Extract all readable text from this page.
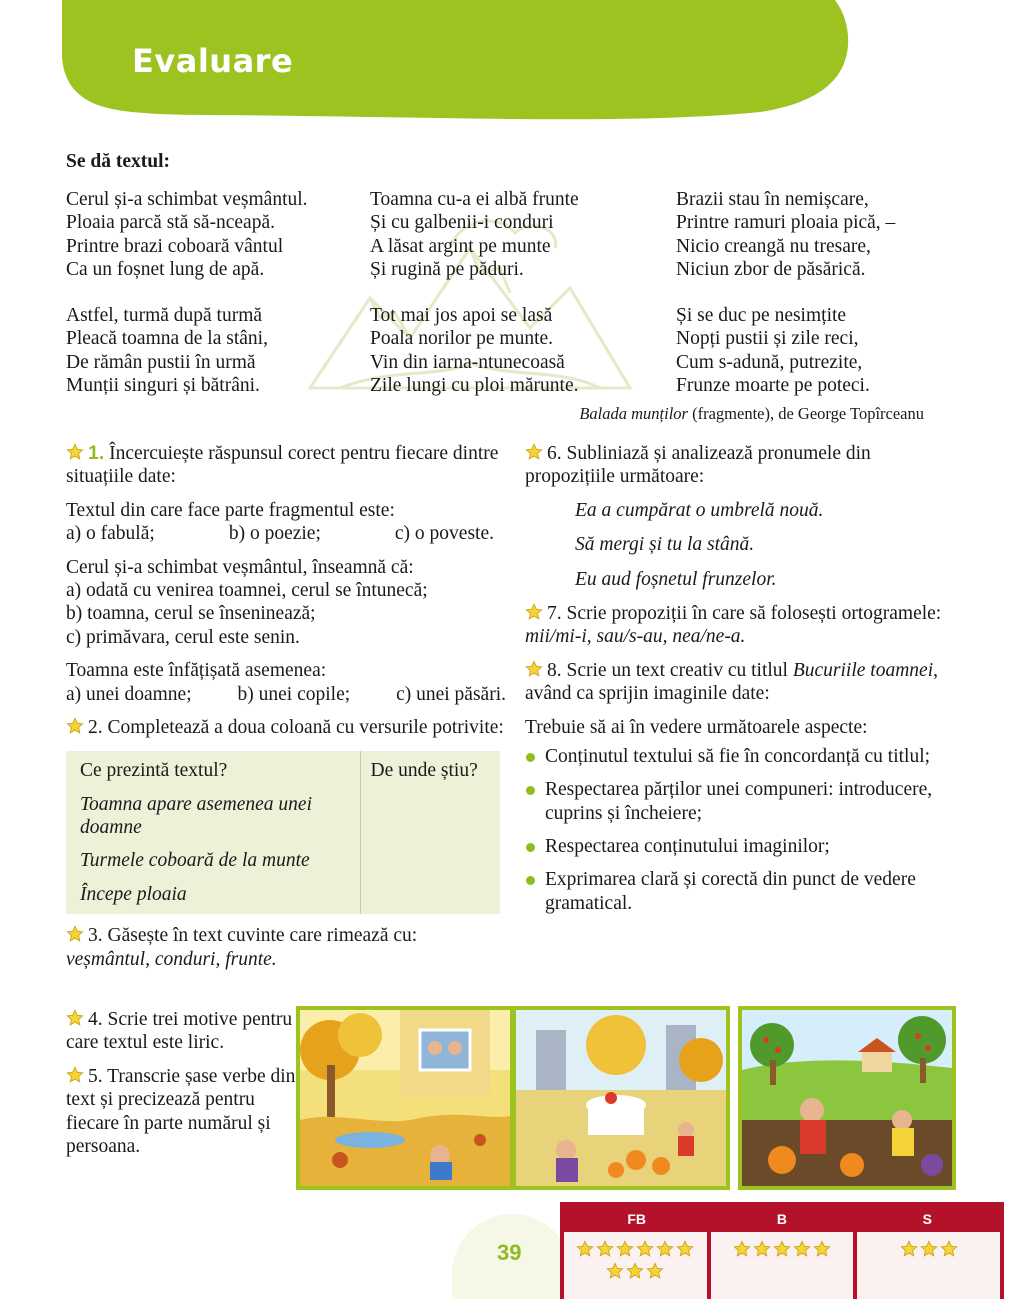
Evaluare
Se dă textul:
Cerul și-a schimbat veșmântul.
Ploaia parcă stă să-nceapă.
Printre brazi coboară vântul
Ca un foșnet lung de apă.
Toamna cu-a ei albă frunte
Și cu galbenii-i conduri
A lăsat argint pe munte
Și rugină pe păduri.
Brazii stau în nemișcare,
Printre ramuri ploaia pică, –
Nicio creangă nu tresare,
Niciun zbor de păsărică.
Astfel, turmă după turmă
Pleacă toamna de la stâni,
De rămân pustii în urmă
Munții singuri și bătrâni.
Tot mai jos apoi se lasă
Poala norilor pe munte.
Vin din iarna-ntunecoasă
Zile lungi cu ploi mărunte.
Și se duc pe nesimțite
Nopți pustii și zile reci,
Cum s-adună, putrezite,
Frunze moarte pe poteci.
Balada munților (fragmente), de George Topîrceanu
1. Încercuiește răspunsul corect pentru fiecare dintre situațiile date:
Textul din care face parte fragmentul este:
a) o fabulă;	b) o poezie;	c) o poveste.
Cerul și-a schimbat veșmântul, înseamnă că:
a) odată cu venirea toamnei, cerul se întunecă;
b) toamna, cerul se înseninează;
c) primăvara, cerul este senin.
Toamna este înfățișată asemenea:
a) unei doamne; b) unei copile; c) unei păsări.
2. Completează a doua coloană cu versurile potrivite:
Ce prezintă textul?	De unde știu?
Toamna apare asemenea unei doamne
Turmele coboară de la munte
Începe ploaia
3. Găsește în text cuvinte care rimează cu:
veșmântul, conduri, frunte.
4. Scrie trei motive pentru care textul este liric.
5. Transcrie șase verbe din text și precizează pentru fiecare în parte numărul și persoana.
6. Subliniază și analizează pronumele din propozițiile următoare:
Ea a cumpărat o umbrelă nouă.
Să mergi și tu la stână.
Eu aud foșnetul frunzelor.
7. Scrie propoziții în care să folosești ortogramele:
mii/mi-i, sau/s-au, nea/ne-a.
8. Scrie un text creativ cu titlul Bucuriile toamnei, având ca sprijin imaginile date:
Trebuie să ai în vedere următoarele aspecte:
Conținutul textului să fie în concordanță cu titlul;
Respectarea părților unei compuneri: introducere, cuprins și încheiere;
Respectarea conținutului imaginilor;
Exprimarea clară și corectă din punct de vedere gramatical.
39
FB	B	S
